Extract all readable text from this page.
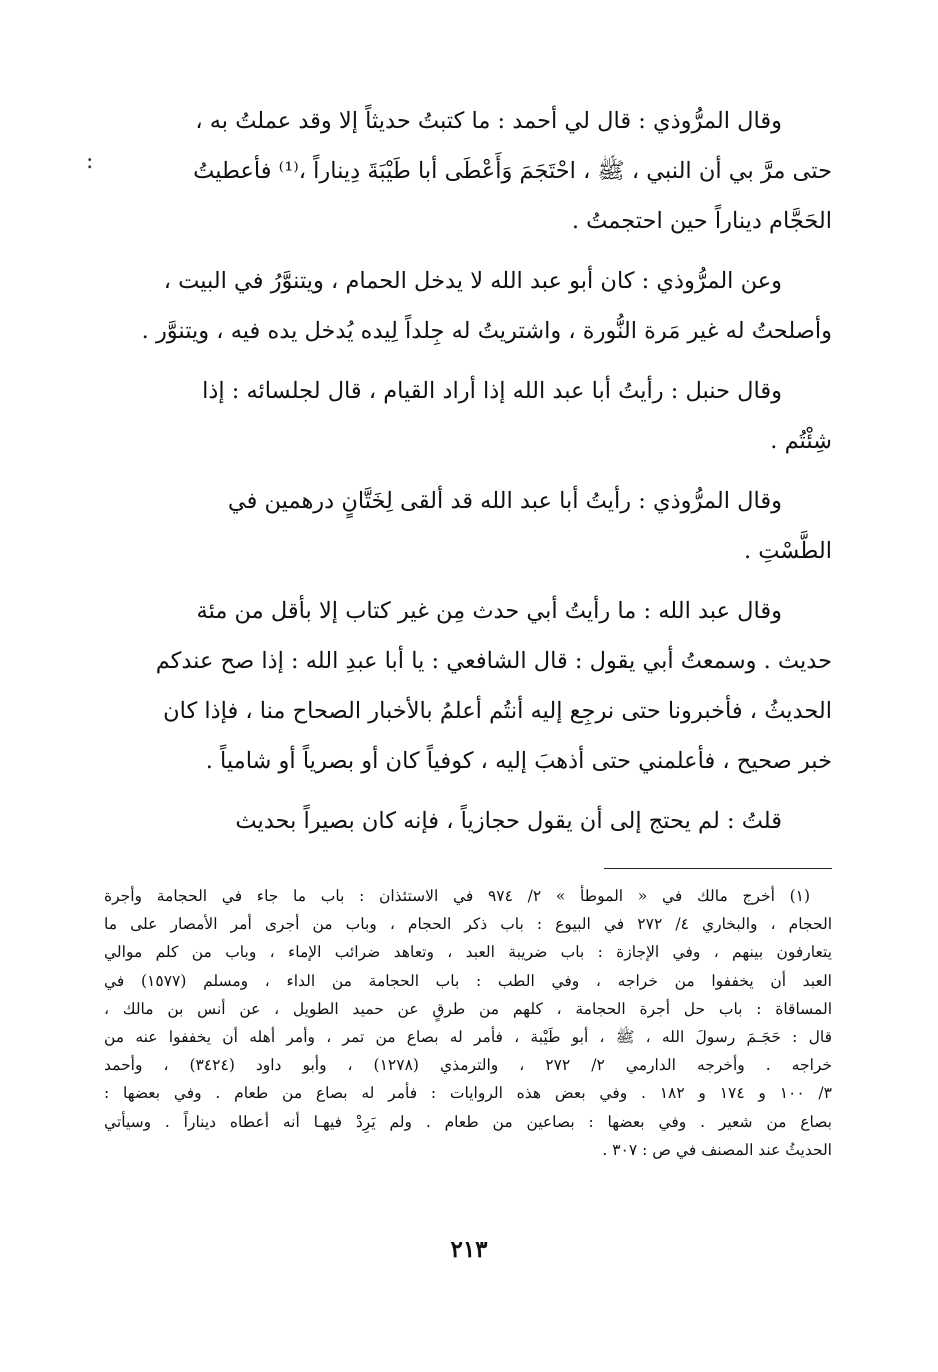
:

وقال المرُّوذي : قال لي أحمد : ما كتبتُ حديثاً إلا وقد عملتُ به ،
حتى مرَّ بي أن النبي ، ﷺ ، احْتَجَمَ وَأَعْطَى أبا طَيْبَةَ دِيناراً ،⁽¹⁾ فأعطيتُ
الحَجَّام ديناراً حين احتجمتُ .

وعن المرُّوذي : كان أبو عبد الله لا يدخل الحمام ، ويتنوَّرُ في البيت ،
وأصلحتُ له غير مَرة النُّورة ، واشتريتُ له جِلداً لِيده يُدخل يده فيه ، ويتنوَّر .

وقال حنبل : رأيتُ أبا عبد الله إذا أراد القيام ، قال لجلسائه : إذا
شِئْتُم .

وقال المرُّوذي : رأيتُ أبا عبد الله قد ألقى لِخَتَّانٍ درهمين في
الطَّسْتِ .

وقال عبد الله : ما رأيتُ أبي حدث مِن غير كتاب إلا بأقل من مئة
حديث . وسمعتُ أبي يقول : قال الشافعي : يا أبا عبدِ الله : إذا صح عندكم
الحديثُ ، فأخبرونا حتى نرجِع إليه أنتُم أعلمُ بالأخبار الصحاح منا ، فإذا كان
خبر صحيح ، فأعلمني حتى أذهبَ إليه ، كوفياً كان أو بصرياً أو شامياً .

قلتُ : لم يحتج إلى أن يقول حجازياً ، فإنه كان بصيراً بحديث

(١) أخرج مالك في « الموطأ » ٢/ ٩٧٤ في الاستئذان : باب ما جاء في الحجامة وأجرة
الحجام ، والبخاري ٤/ ٢٧٢ في البيوع : باب ذكر الحجام ، وباب من أجرى أمر الأمصار على ما
يتعارفون بينهم ، وفي الإجازة : باب ضريبة العبد ، وتعاهد ضرائب الإماء ، وباب من كلم موالي
العبد أن يخففوا من خراجه ، وفي الطب : باب الحجامة من الداء ، ومسلم (١٥٧٧) في
المساقاة : باب حل أجرة الحجامة ، كلهم من طرقٍ عن حميد الطويل ، عن أنس بن مالك ،
قال : حَجَـمَ رسولَ الله ، ﷺ ، أبو طَيْبة ، فأمر له بصاع من تمر ، وأمر أهله أن يخففوا عنه من
خراجه . وأخرجه الدارمي ٢/ ٢٧٢ ، والترمذي (١٢٧٨) ، وأبو داود (٣٤٢٤) ، وأحمد
٣/ ١٠٠ و ١٧٤ و ١٨٢ . وفي بعض هذه الروايات : فأمر له بصاع من طعام . وفي بعضها :
بصاع من شعير . وفي بعضها : بصاعين من طعام . ولم يَرِدْ فيهـا أنه أعطاه ديناراً . وسيأتي
الحديثُ عند المصنف في ص : ٣٠٧ .
٢١٣
